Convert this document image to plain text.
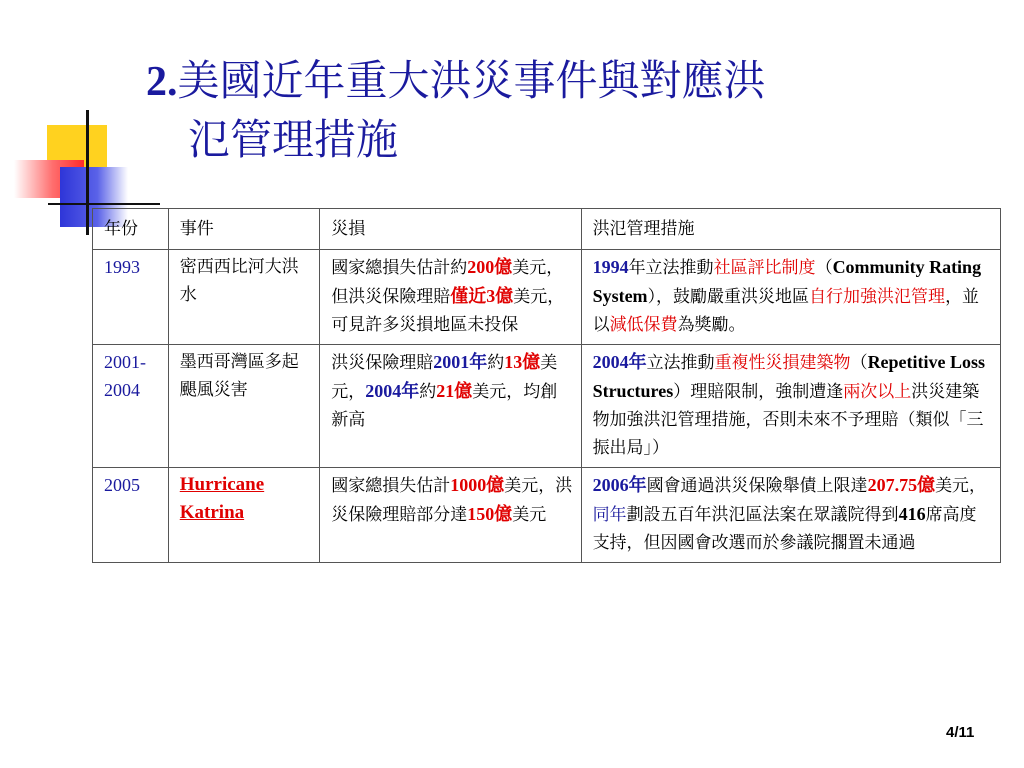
2.美國近年重大洪災事件與對應洪
氾管理措施
年份	事件	災損	洪氾管理措施
1993	密西西比河大洪水	國家總損失估計約200億美元，但洪災保險理賠僅近3億美元，可見許多災損地區未投保	1994年立法推動社區評比制度（Community Rating System），鼓勵嚴重洪災地區自行加強洪氾管理，並以減低保費為獎勵。
2001-2004	墨西哥灣區多起颶風災害	洪災保險理賠2001年約13億美元，2004年約21億美元，均創新高	2004年立法推動重複性災損建築物（Repetitive Loss Structures）理賠限制，強制遭逢兩次以上洪災建築物加強洪氾管理措施，否則未來不予理賠（類似「三振出局」）
2005	Hurricane Katrina	國家總損失估計1000億美元，洪災保險理賠部分達150億美元	2006年國會通過洪災保險舉債上限達207.75億美元，同年劃設五百年洪氾區法案在眾議院得到416席高度支持，但因國會改選而於參議院擱置未通過
4/11
